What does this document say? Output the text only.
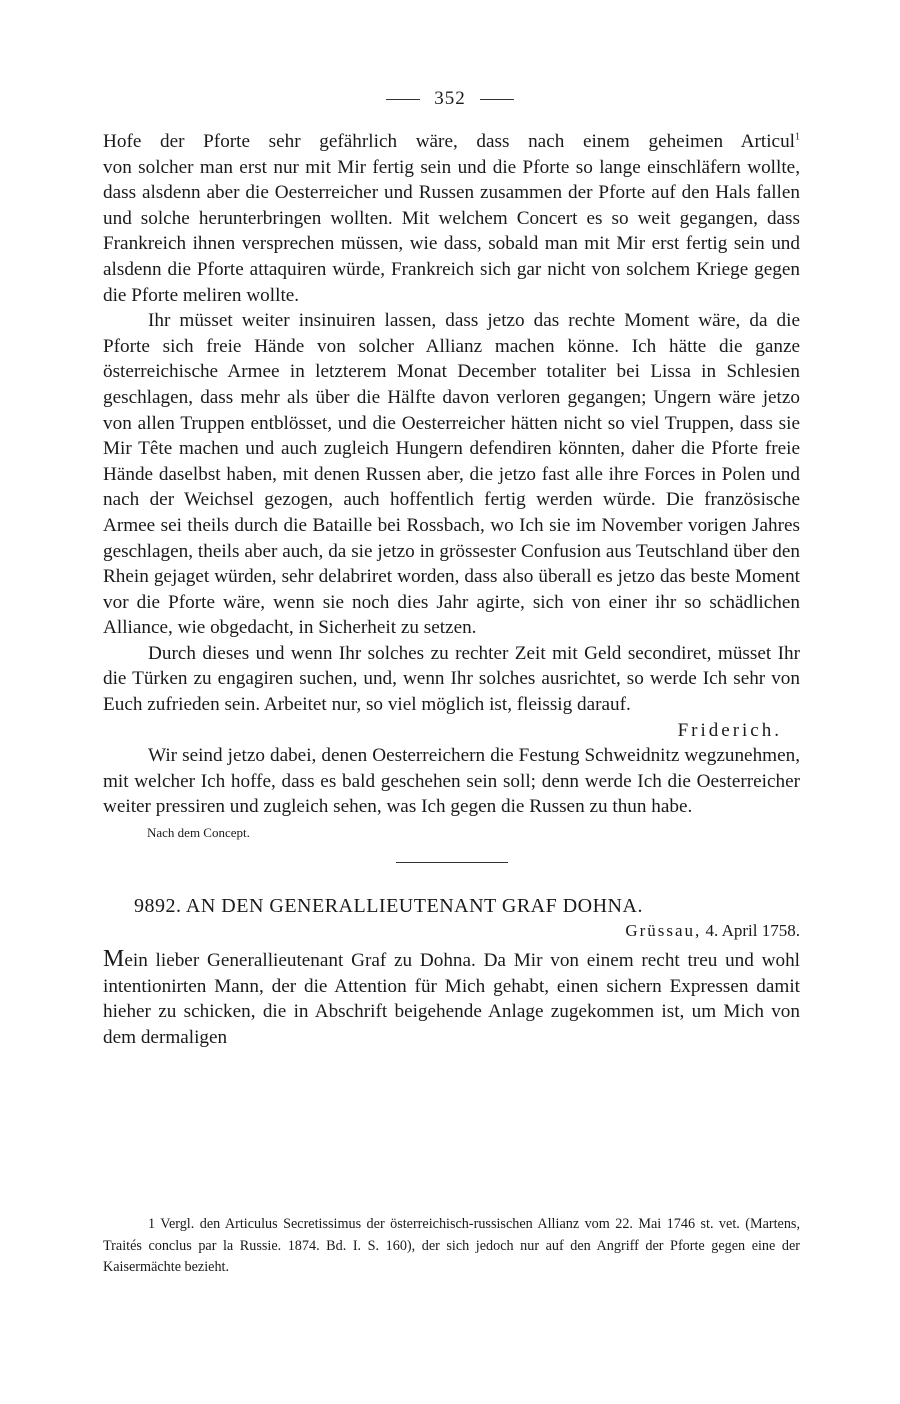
352

Hofe der Pforte sehr gefährlich wäre, dass nach einem geheimen Articul$^1$

von solcher man erst nur mit Mir fertig sein und die Pforte so lange einschläfern wollte, dass alsdenn aber die Oesterreicher und Russen zusammen der Pforte auf den Hals fallen und solche herunterbringen wollten. Mit welchem Concert es so weit gegangen, dass Frankreich ihnen versprechen müssen, wie dass, sobald man mit Mir erst fertig sein und alsdenn die Pforte attaquiren würde, Frankreich sich gar nicht von solchem Kriege gegen die Pforte meliren wollte.

Ihr müsset weiter insinuiren lassen, dass jetzo das rechte Moment wäre, da die Pforte sich freie Hände von solcher Allianz machen könne. Ich hätte die ganze österreichische Armee in letzterem Monat December totaliter bei Lissa in Schlesien geschlagen, dass mehr als über die Hälfte davon verloren gegangen; Ungern wäre jetzo von allen Truppen entblösset, und die Oesterreicher hätten nicht so viel Truppen, dass sie Mir Tête machen und auch zugleich Hungern defendiren könnten, daher die Pforte freie Hände daselbst haben, mit denen Russen aber, die jetzo fast alle ihre Forces in Polen und nach der Weichsel gezogen, auch hoffentlich fertig werden würde. Die französische Armee sei theils durch die Bataille bei Rossbach, wo Ich sie im November vorigen Jahres geschlagen, theils aber auch, da sie jetzo in grössester Confusion aus Teutschland über den Rhein gejaget würden, sehr delabriret worden, dass also überall es jetzo das beste Moment vor die Pforte wäre, wenn sie noch dies Jahr agirte, sich von einer ihr so schädlichen Alliance, wie obgedacht, in Sicherheit zu setzen.

Durch dieses und wenn Ihr solches zu rechter Zeit mit Geld secondiret, müsset Ihr die Türken zu engagiren suchen, und, wenn Ihr solches ausrichtet, so werde Ich sehr von Euch zufrieden sein. Arbeitet nur, so viel möglich ist, fleissig darauf.

Friderich.

Wir seind jetzo dabei, denen Oesterreichern die Festung Schweidnitz wegzunehmen, mit welcher Ich hoffe, dass es bald geschehen sein soll; denn werde Ich die Oesterreicher weiter pressiren und zugleich sehen, was Ich gegen die Russen zu thun habe.

Nach dem Concept.
9892. AN DEN GENERALLIEUTENANT GRAF DOHNA.
Grüssau, 4. April 1758.

Mein lieber Generallieutenant Graf zu Dohna. Da Mir von einem recht treu und wohl intentionirten Mann, der die Attention für Mich gehabt, einen sichern Expressen damit hieher zu schicken, die in Abschrift beigehende Anlage zugekommen ist, um Mich von dem dermaligen

1 Vergl. den Articulus Secretissimus der österreichisch-russischen Allianz vom 22. Mai 1746 st. vet. (Martens, Traités conclus par la Russie. 1874. Bd. I. S. 160), der sich jedoch nur auf den Angriff der Pforte gegen eine der Kaisermächte bezieht.
